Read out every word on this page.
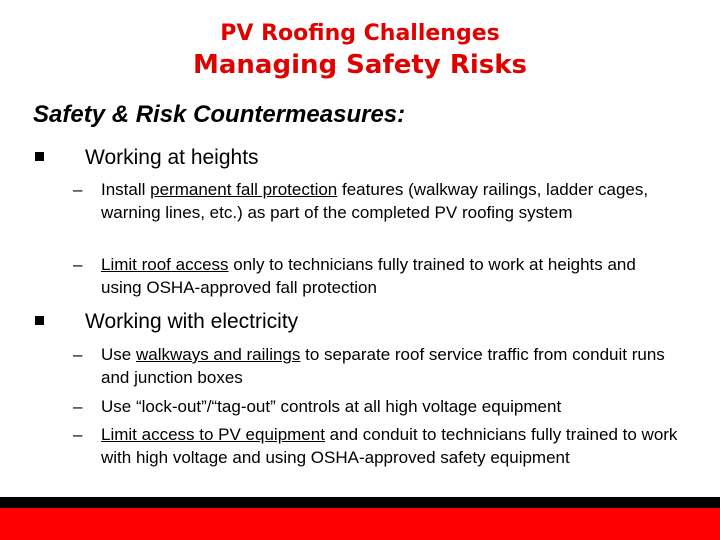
PV Roofing Challenges
Managing Safety Risks
Safety & Risk Countermeasures:
Working at heights
– Install permanent fall protection features (walkway railings, ladder cages, warning lines, etc.) as part of the completed PV roofing system
– Limit roof access only to technicians fully trained to work at heights and using OSHA-approved fall protection
Working with electricity
– Use walkways and railings to separate roof service traffic from conduit runs and junction boxes
– Use “lock-out”/“tag-out” controls at all high voltage equipment
– Limit access to PV equipment and conduit to technicians fully trained to work with high voltage and using OSHA-approved safety equipment
